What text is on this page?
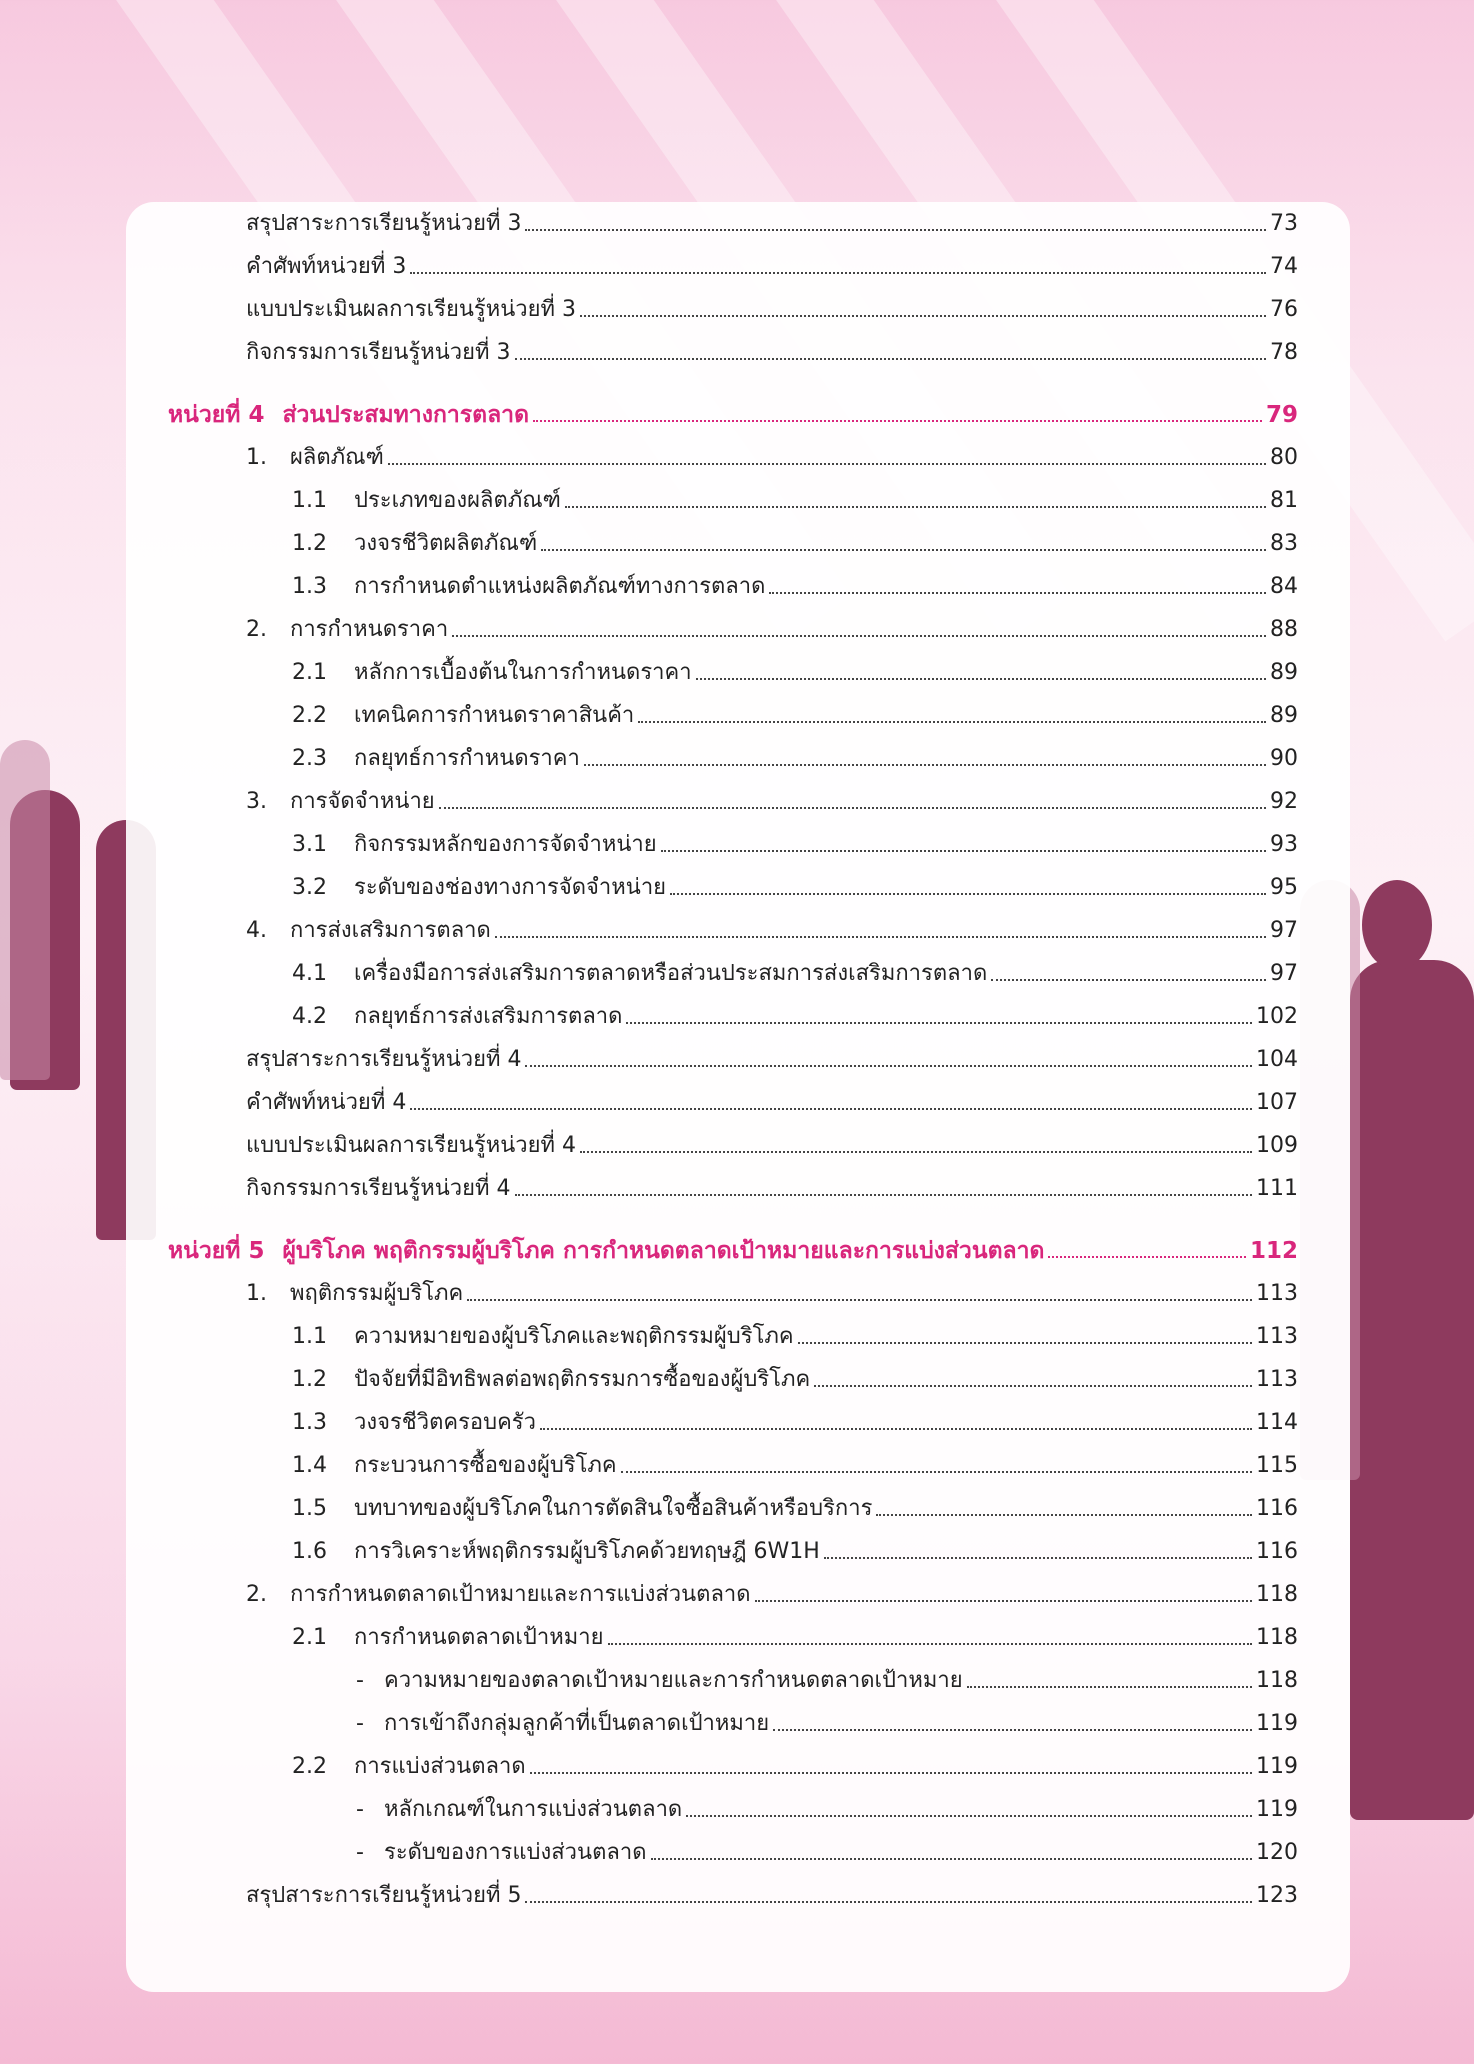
สรุปสาระการเรียนรู้หน่วยที่ 3	73
คำศัพท์หน่วยที่ 3	74
แบบประเมินผลการเรียนรู้หน่วยที่ 3	76
กิจกรรมการเรียนรู้หน่วยที่ 3	78
หน่วยที่ 4 ส่วนประสมทางการตลาด	79
1.	ผลิตภัณฑ์	80
1.1	ประเภทของผลิตภัณฑ์	81
1.2	วงจรชีวิตผลิตภัณฑ์	83
1.3	การกำหนดตำแหน่งผลิตภัณฑ์ทางการตลาด	84
2.	การกำหนดราคา	88
2.1	หลักการเบื้องต้นในการกำหนดราคา	89
2.2	เทคนิคการกำหนดราคาสินค้า	89
2.3	กลยุทธ์การกำหนดราคา	90
3.	การจัดจำหน่าย	92
3.1	กิจกรรมหลักของการจัดจำหน่าย	93
3.2	ระดับของช่องทางการจัดจำหน่าย	95
4.	การส่งเสริมการตลาด	97
4.1	เครื่องมือการส่งเสริมการตลาดหรือส่วนประสมการส่งเสริมการตลาด	97
4.2	กลยุทธ์การส่งเสริมการตลาด	102
สรุปสาระการเรียนรู้หน่วยที่ 4	104
คำศัพท์หน่วยที่ 4	107
แบบประเมินผลการเรียนรู้หน่วยที่ 4	109
กิจกรรมการเรียนรู้หน่วยที่ 4	111
หน่วยที่ 5 ผู้บริโภค พฤติกรรมผู้บริโภค การกำหนดตลาดเป้าหมายและการแบ่งส่วนตลาด	112
1.	พฤติกรรมผู้บริโภค	113
1.1	ความหมายของผู้บริโภคและพฤติกรรมผู้บริโภค	113
1.2	ปัจจัยที่มีอิทธิพลต่อพฤติกรรมการซื้อของผู้บริโภค	113
1.3	วงจรชีวิตครอบครัว	114
1.4	กระบวนการซื้อของผู้บริโภค	115
1.5	บทบาทของผู้บริโภคในการตัดสินใจซื้อสินค้าหรือบริการ	116
1.6	การวิเคราะห์พฤติกรรมผู้บริโภคด้วยทฤษฎี 6W1H	116
2.	การกำหนดตลาดเป้าหมายและการแบ่งส่วนตลาด	118
2.1	การกำหนดตลาดเป้าหมาย	118
- ความหมายของตลาดเป้าหมายและการกำหนดตลาดเป้าหมาย	118
- การเข้าถึงกลุ่มลูกค้าที่เป็นตลาดเป้าหมาย	119
2.2	การแบ่งส่วนตลาด	119
- หลักเกณฑ์ในการแบ่งส่วนตลาด	119
- ระดับของการแบ่งส่วนตลาด	120
สรุปสาระการเรียนรู้หน่วยที่ 5	123
